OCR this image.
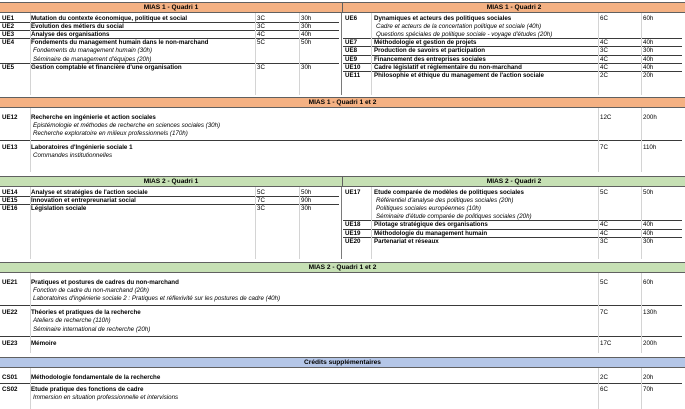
MIAS 1 - Quadri 1	MIAS 1 - Quadri 2
UE1	Mutation du contexte économique, politique et social	3C	30h
UE2	Evolution des métiers du social	3C	30h
UE3	Analyse des organisations	4C	40h
UE4	Fondements du management humain dans le non-marchand	5C	50h
Fondements du management humain (30h)
Séminaire de management d'équipes (20h)
UE5	Gestion comptable et financière d'une organisation	3C	30h
UE6	Dynamiques et acteurs des politiques sociales	6C	60h
Cadre et acteurs de la concertation politique et sociale (40h)
Questions spéciales de politique sociale - voyage d'études (20h)
UE7	Méthodologie et gestion de projets	4C	40h
UE8	Production de savoirs et participation	3C	30h
UE9	Financement des entreprises sociales	4C	40h
UE10 Cadre législatif et réglementaire du non-marchand	4C	40h
UE11 Philosophie et éthique du management de l'action sociale	2C	20h
MIAS 1 - Quadri 1 et 2
UE12 Recherche en ingénierie et action sociales	12C	200h
Epistémologie et méthodes de recherche en sciences sociales (30h)
Recherche exploratoire en milieux professionnels (170h)
UE13 Laboratoires d'Ingénierie sociale 1	7C	110h
Commandes institutionnelles
MIAS 2 - Quadri 1	MIAS 2 - Quadri 2
UE14 Analyse et stratégies de l'action sociale	5C	50h
UE15 Innovation et entrepreunariat social	7C	90h
UE16 Législation sociale	3C	30h
UE17 Etude comparée de modèles de politiques sociales	5C	50h
Référentiel d'analyse des politiques sociales (20h)
Politiques sociales européennes (10h)
Séminaire d'étude comparée de politiques sociales (20h)
UE18 Pilotage stratégique des organisations	4C	40h
UE19 Méthodologie du management humain	4C	40h
UE20 Partenariat et réseaux	3C	30h
MIAS 2 - Quadri 1 et 2
UE21 Pratiques et postures de cadres du non-marchand	5C	60h
Fonction de cadre du non-marchand (20h)
Laboratoires d'ingénierie sociale 2 : Pratiques et réflexivité sur les postures de cadre (40h)
UE22 Théories et pratiques de la recherche	7C	130h
Ateliers de recherche (110h)
Séminaire international de recherche (20h)
UE23 Mémoire	17C	200h
Crédits supplémentaires
CS01 Méthodologie fondamentale de la recherche	2C	20h
CS02 Etude pratique des fonctions de cadre	6C	70h
Immersion en situation professionnelle et intervisions
